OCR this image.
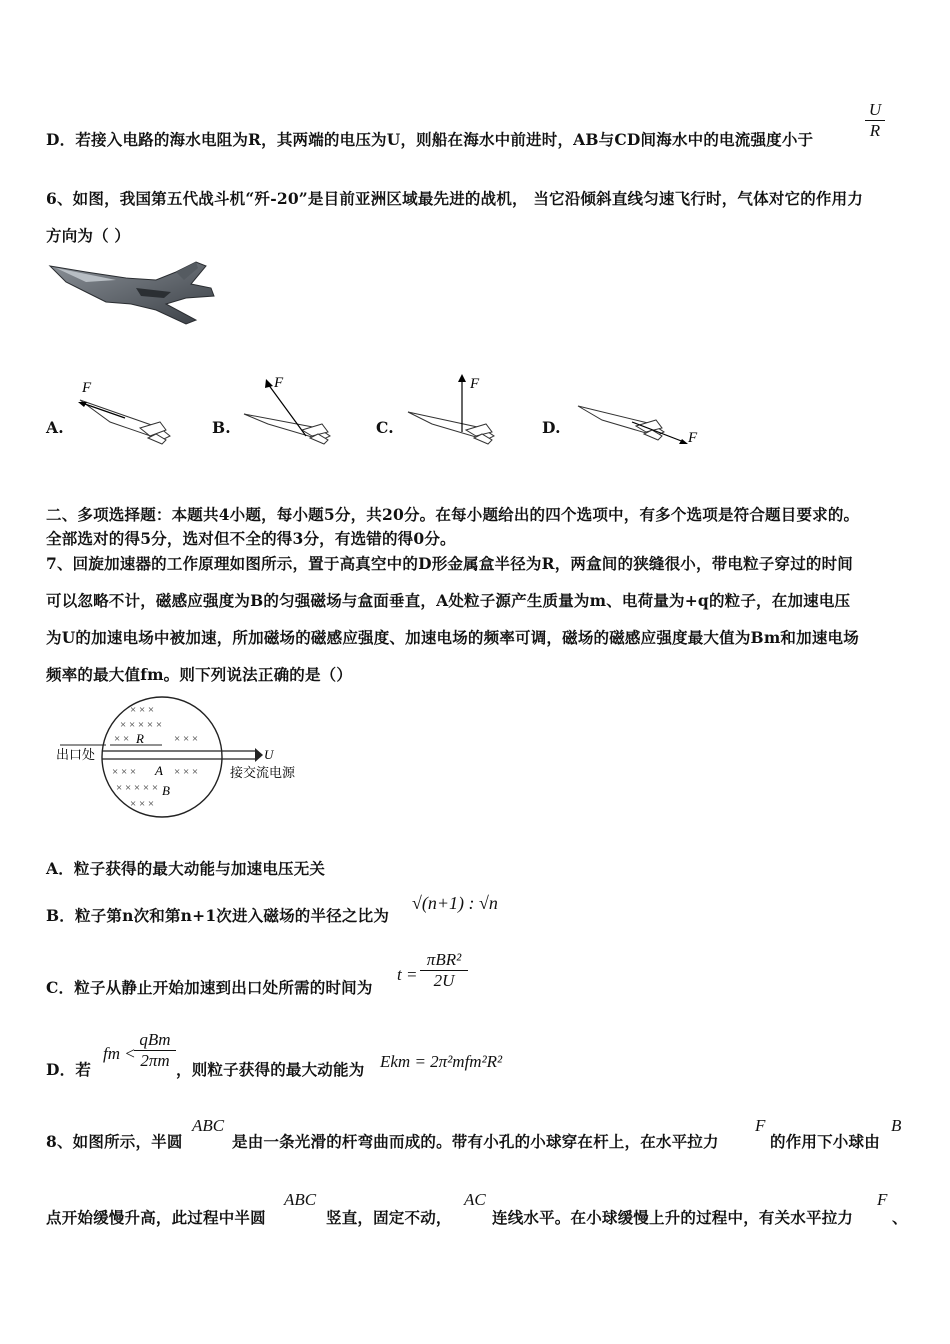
D．若接入电路的海水电阻为R，其两端的电压为U，则船在海水中前进时，AB与CD间海水中的电流强度小于
U
R
6、如图，我国第五代战斗机“歼-20”是目前亚洲区域最先进的战机， 当它沿倾斜直线匀速飞行时，气体对它的作用力
方向为（ ）
A.
F
B.
F
C.
F
D.
F
二、多项选择题：本题共4小题，每小题5分，共20分。在每小题给出的四个选项中，有多个选项是符合题目要求的。
全部选对的得5分，选对但不全的得3分，有选错的得0分。
7、回旋加速器的工作原理如图所示，置于高真空中的D形金属盒半径为R，两盒间的狭缝很小，带电粒子穿过的时间
可以忽略不计，磁感应强度为B的匀强磁场与盒面垂直，A处粒子源产生质量为m、电荷量为+q的粒子，在加速电压
为U的加速电场中被加速，所加磁场的磁感应强度、加速电场的频率可调，磁场的磁感应强度最大值为Bm和加速电场
频率的最大值fm。则下列说法正确的是（）
× × ×
× × × × ×
× ×	× × ×
× × ×	× × ×
× × × × ×
× × ×
R
A
B
U
出口处
接交流电源
A．粒子获得的最大动能与加速电压无关
B．粒子第n次和第n+1次进入磁场的半径之比为
√(n+1) : √n
C．粒子从静止开始加速到出口处所需的时间为
t =
πBR²
2U
D．若
fm <
qBm
2πm ，则粒子获得的最大动能为 Ekm = 2π²mfm²R²
8、如图所示，半圆
ABC
是由一条光滑的杆弯曲而成的。带有小孔的小球穿在杆上，在水平拉力
F
的作用下小球由
B
点开始缓慢升高，此过程中半圆
ABC
竖直，固定不动，
AC
连线水平。在小球缓慢上升的过程中，有关水平拉力
F
、
